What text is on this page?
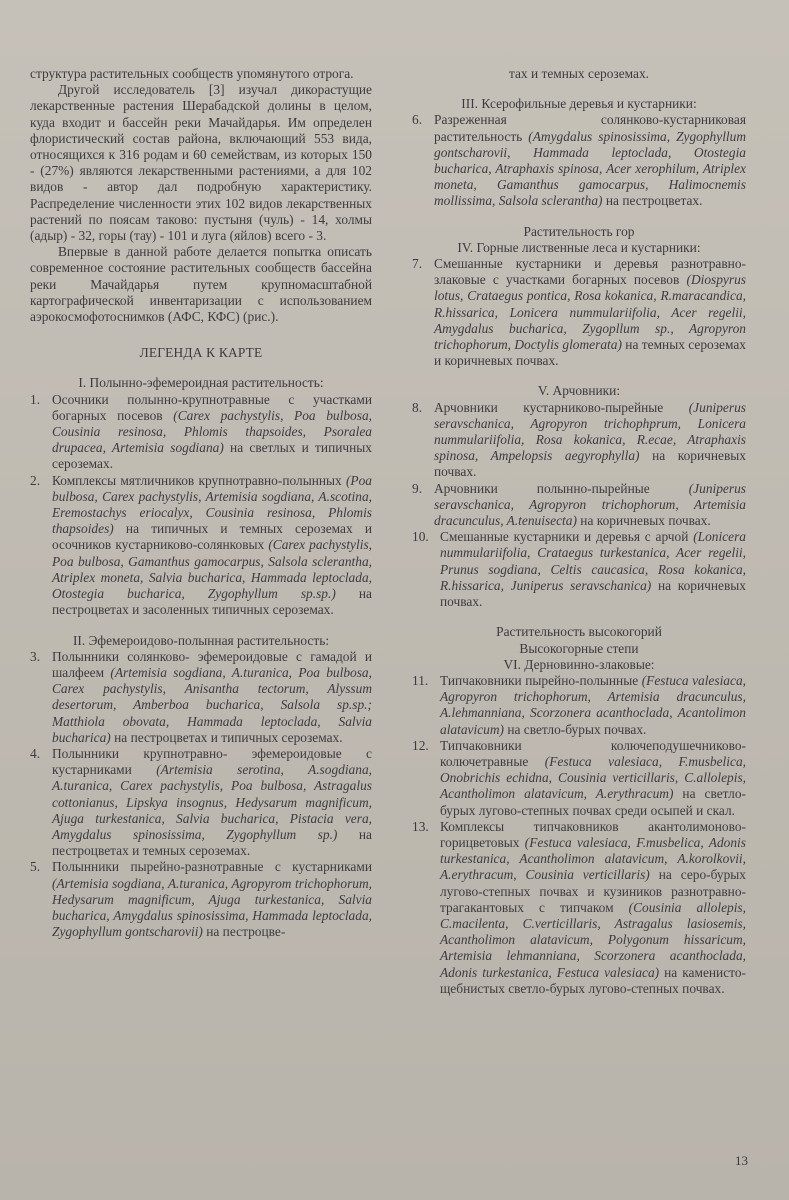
структура растительных сообществ упомянутого отрога.

Другой исследователь [3] изучал дикорастущие лекарственные растения Шерабадской долины в целом, куда входит и бассейн реки Мачайдарья. Им определен флористический состав района, включающий 553 вида, относящихся к 316 родам и 60 семействам, из которых 150 - (27%) являются лекарственными растениями, а для 102 видов - автор дал подробную характеристику. Распределение численности этих 102 видов лекарственных растений по поясам таково: пустыня (чуль) - 14, холмы (адыр) - 32, горы (тау) - 101 и луга (яйлов) всего - 3.

Впервые в данной работе делается попытка описать современное состояние растительных сообществ бассейна реки Мачайдарья путем крупномасштабной картографической инвентаризации с использованием аэрокосмофотоснимков (АФС, КФС) (рис.).

ЛЕГЕНДА К КАРТЕ

I. Полынно-эфемероидная растительность:

1. Осочники полынно-крупнотравные с участками богарных посевов (Carex pachystylis, Poa bulbosa, Cousinia resinosa, Phlomis thapsoides, Psoralea drupacea, Artemisia sogdiana) на светлых и типичных сероземах.
2. Комплексы мятличников крупнотравно-полынных (Poa bulbosa, Carex pachystylis, Artemisia sogdiana, A.scotina, Eremostachys eriocalyx, Cousinia resinosa, Phlomis thapsoides) на типичных и темных сероземах и осочников кустарниково-солянковых (Carex pachystylis, Poa bulbosa, Gamanthus gamocarpus, Salsola sclerantha, Atriplex moneta, Salvia bucharica, Hammada leptoclada, Otostegia bucharica, Zygophyllum sp.sp.) на пестроцветах и засоленных типичных сероземах.

II. Эфемероидово-полынная растительность:

3. Полынники солянково- эфемероидовые с гамадой и шалфеем (Artemisia sogdiana, A.turanica, Poa bulbosa, Carex pachystylis, Anisantha tectorum, Alyssum desertorum, Amberboa bucharica, Salsola sp.sp.; Matthiola obovata, Hammada leptoclada, Salvia bucharica) на пестроцветах и типичных сероземах.
4. Полынники крупнотравно- эфемероидовые с кустарниками (Artemisia serotina, A.sogdiana, A.turanica, Carex pachystylis, Poa bulbosa, Astragalus cottonianus, Lipskya insognus, Hedysarum magnificum, Ajuga turkestanica, Salvia bucharica, Pistacia vera, Amygdalus spinosissima, Zygophyllum sp.) на пестроцветах и темных сероземах.
5. Полынники пырейно-разнотравные с кустарниками (Artemisia sogdiana, A.turanica, Agropyrom trichophorum, Hedysarum magnificum, Ajuga turkestanica, Salvia bucharica, Amygdalus spinosissima, Hammada leptoclada, Zygophyllum gontscharovii) на пестроцве-

тах и темных сероземах.

III. Ксерофильные деревья и кустарники:

6. Разреженная солянково-кустарниковая растительность (Amygdalus spinosissima, Zygophyllum gontscharovii, Hammada leptoclada, Otostegia bucharica, Atraphaxis spinosa, Acer xerophilum, Atriplex moneta, Gamanthus gamocarpus, Halimocnemis mollissima, Salsola sclerantha) на пестроцветах.

Растительность гор

IV. Горные лиственные леса и кустарники:

7. Смешанные кустарники и деревья разнотравно-злаковые с участками богарных посевов (Diospyrus lotus, Crataegus pontica, Rosa kokanica, R.maracandica, R.hissarica, Lonicera nummulariifolia, Acer regelii, Amygdalus bucharica, Zygopllum sp., Agropyron trichophorum, Doctylis glomerata) на темных сероземах и коричневых почвах.

V. Арчовники:

8. Арчовники кустарниково-пырейные (Juniperus seravschanica, Agropyron trichophprum, Lonicera nummulariifolia, Rosa kokanica, R.ecae, Atraphaxis spinosa, Ampelopsis aegyrophylla) на коричневых почвах.
9. Арчовники полынно-пырейные (Juniperus seravschanica, Agropyron trichophorum, Artemisia dracunculus, A.tenuisecta) на коричневых почвах.
10. Смешанные кустарники и деревья с арчой (Lonicera nummulariifolia, Crataegus turkestanica, Acer regelii, Prunus sogdiana, Celtis caucasica, Rosa kokanica, R.hissarica, Juniperus seravschanica) на коричневых почвах.

Растительность высокогорий

Высокогорные степи

VI. Дерновинно-злаковые:

11. Типчаковники пырейно-полынные (Festuca valesiaca, Agropyron trichophorum, Artemisia dracunculus, A.lehmanniana, Scorzonera acanthoclada, Acantolimon alatavicum) на светло-бурых почвах.
12. Типчаковники колючеподушечниково-колючетравные (Festuca valesiaca, F.musbelica, Onobrichis echidna, Cousinia verticillaris, C.allolepis, Acantholimon alatavicum, A.erythracum) на светло-бурых лугово-степных почвах среди осыпей и скал.
13. Комплексы типчаковников акантолимоново-горицветовых (Festuca valesiaca, F.musbelica, Adonis turkestanica, Acantholimon alatavicum, A.korolkovii, A.erythracum, Cousinia verticillaris) на серо-бурых лугово-степных почвах и кузиников разнотравно-трагакантовых с типчаком (Cousinia allolepis, C.macilenta, C.verticillaris, Astragalus lasiosemis, Acantholimon alatavicum, Polygonum hissaricum, Artemisia lehmanniana, Scorzonera acanthoclada, Adonis turkestanica, Festuca valesiaca) на каменисто-щебнистых светло-бурых лугово-степных почвах.
13
